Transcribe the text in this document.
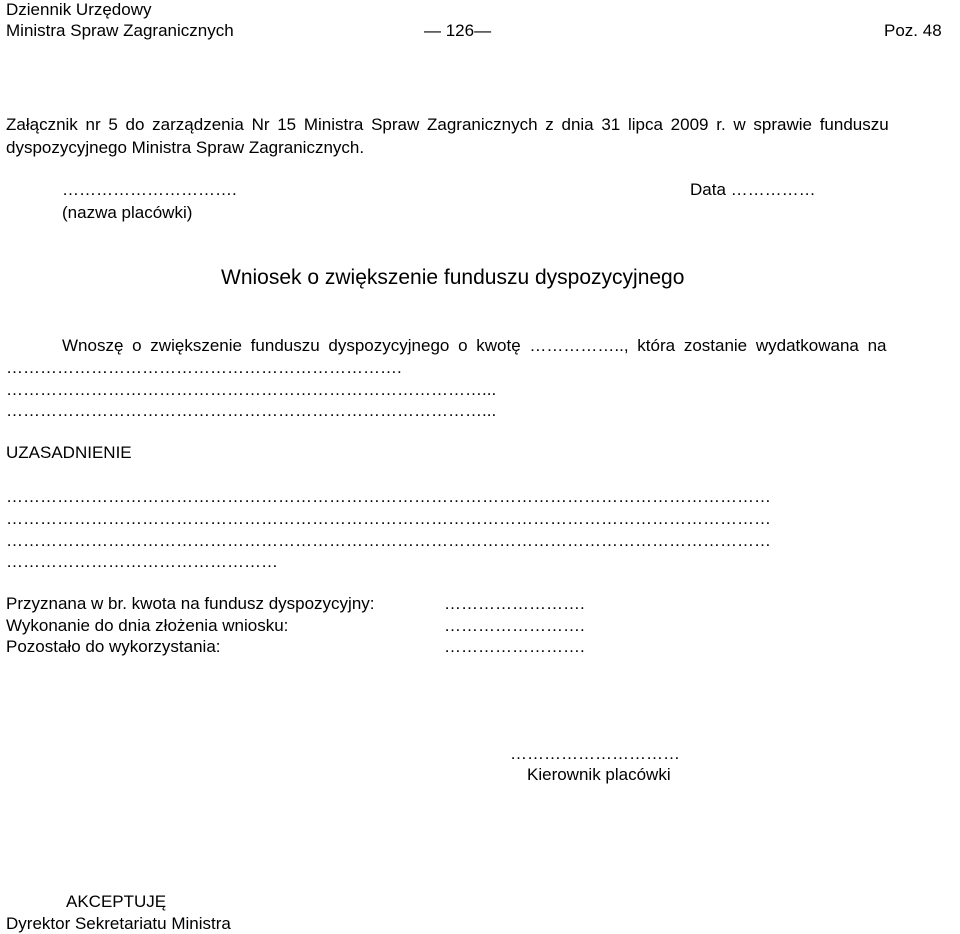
Dziennik Urzędowy
Ministra Spraw Zagranicznych	— 126—	Poz. 48
Załącznik nr 5 do zarządzenia Nr 15 Ministra Spraw Zagranicznych z dnia 31 lipca 2009 r. w sprawie funduszu
dyspozycyjnego Ministra Spraw Zagranicznych.
………………………….
(nazwa placówki)
Data ……………
Wniosek o zwiększenie funduszu dyspozycyjnego
Wnoszę o zwiększenie funduszu dyspozycyjnego o kwotę …………….., która zostanie wydatkowana na
…………………………………………………………….
…………………………………………………………………………...
…………………………………………………………………………...
UZASADNIENIE
………………………………………………………………………………………………………………………
………………………………………………………………………………………………………………………
………………………………………………………………………………………………………………………
…………………………………………
Przyznana w br. kwota na fundusz dyspozycyjny:	…………………….
Wykonanie do dnia złożenia wniosku:	…………………….
Pozostało do wykorzystania:	…………………….
…………………………
Kierownik placówki
AKCEPTUJĘ
Dyrektor Sekretariatu Ministra
